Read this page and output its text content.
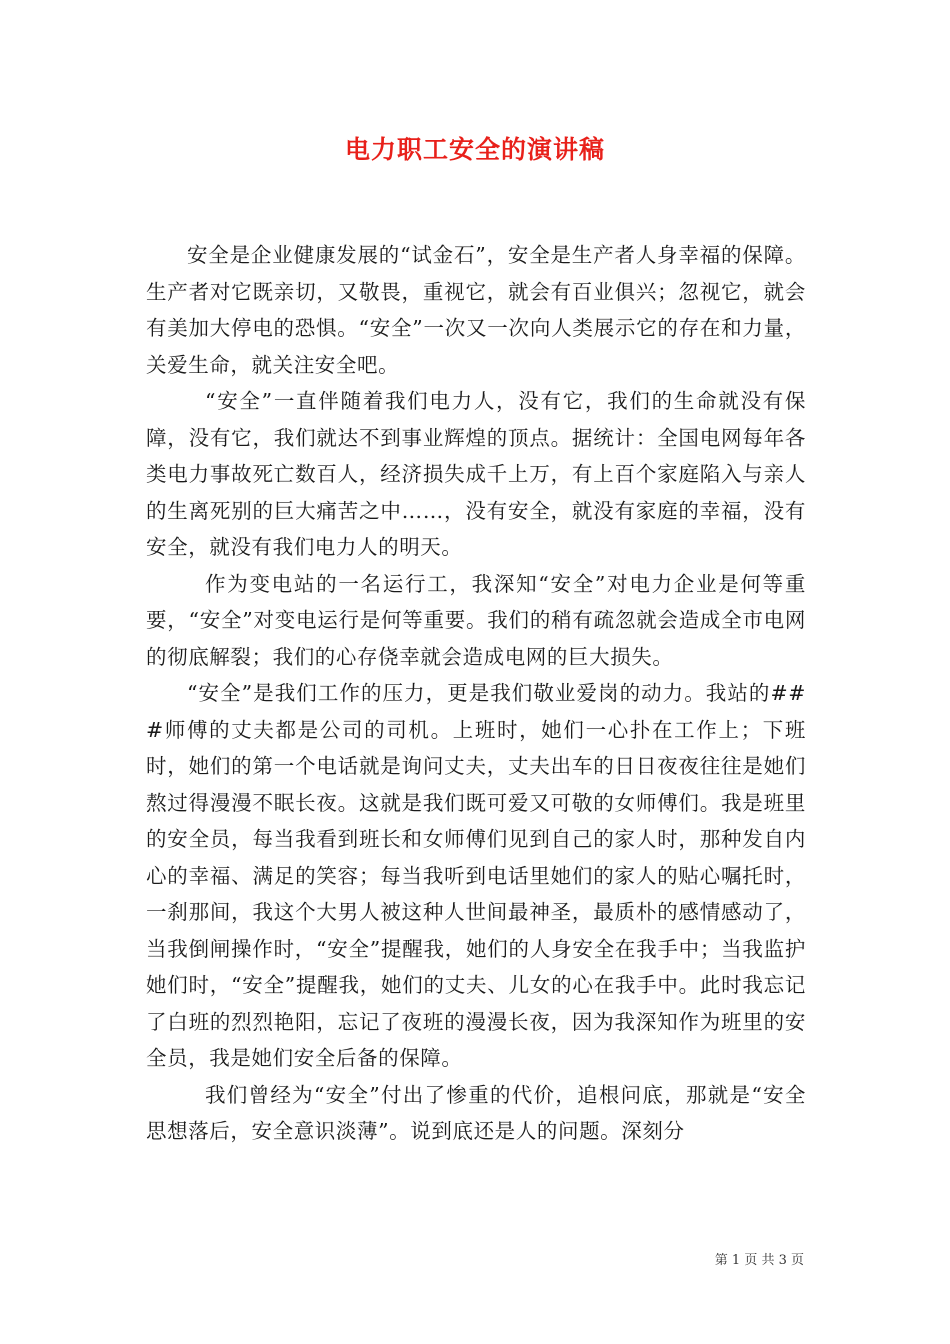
电力职工安全的演讲稿

安全是企业健康发展的“试金石”，安全是生产者人身幸福的保障。生产者对它既亲切，又敬畏，重视它，就会有百业俱兴；忽视它，就会有美加大停电的恐惧。“安全”一次又一次向人类展示它的存在和力量，关爱生命，就关注安全吧。

“安全”一直伴随着我们电力人，没有它，我们的生命就没有保障，没有它，我们就达不到事业辉煌的顶点。据统计：全国电网每年各类电力事故死亡数百人，经济损失成千上万，有上百个家庭陷入与亲人的生离死别的巨大痛苦之中……，没有安全，就没有家庭的幸福，没有安全，就没有我们电力人的明天。

作为变电站的一名运行工，我深知“安全”对电力企业是何等重要，“安全”对变电运行是何等重要。我们的稍有疏忽就会造成全市电网的彻底解裂；我们的心存侥幸就会造成电网的巨大损失。

“安全”是我们工作的压力，更是我们敬业爱岗的动力。我站的###师傅的丈夫都是公司的司机。上班时，她们一心扑在工作上；下班时，她们的第一个电话就是询问丈夫，丈夫出车的日日夜夜往往是她们熬过得漫漫不眠长夜。这就是我们既可爱又可敬的女师傅们。我是班里的安全员，每当我看到班长和女师傅们见到自己的家人时，那种发自内心的幸福、满足的笑容；每当我听到电话里她们的家人的贴心嘱托时，一刹那间，我这个大男人被这种人世间最神圣，最质朴的感情感动了，当我倒闸操作时，“安全”提醒我，她们的人身安全在我手中；当我监护她们时，“安全”提醒我，她们的丈夫、儿女的心在我手中。此时我忘记了白班的烈烈艳阳，忘记了夜班的漫漫长夜，因为我深知作为班里的安全员，我是她们安全后备的保障。

我们曾经为“安全”付出了惨重的代价，追根问底，那就是“安全思想落后，安全意识淡薄”。说到底还是人的问题。深刻分

第 1 页 共 3 页
